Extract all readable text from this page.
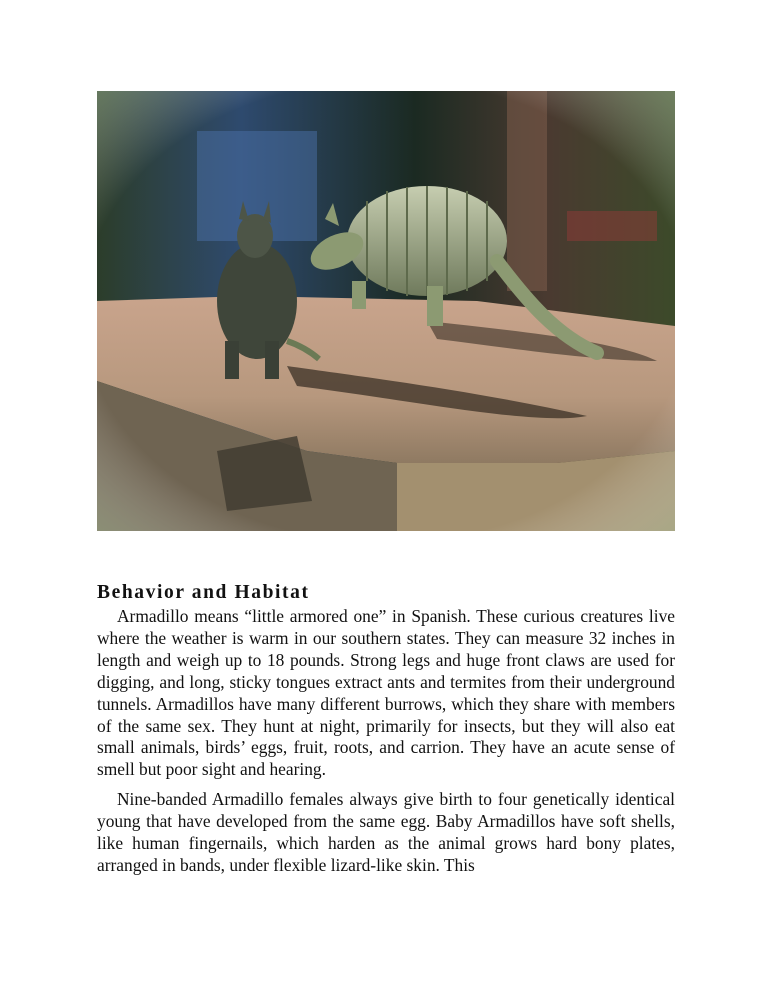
Behavior and Habitat

Armadillo means “little armored one” in Spanish. These curious creatures live where the weather is warm in our southern states. They can measure 32 inches in length and weigh up to 18 pounds. Strong legs and huge front claws are used for digging, and long, sticky tongues extract ants and termites from their underground tunnels. Armadillos have many different burrows, which they share with members of the same sex. They hunt at night, primarily for insects, but they will also eat small animals, birds’ eggs, fruit, roots, and carrion. They have an acute sense of smell but poor sight and hearing.

Nine-banded Armadillo females always give birth to four genetically identical young that have developed from the same egg. Baby Armadillos have soft shells, like human fingernails, which harden as the animal grows hard bony plates, arranged in bands, under flexible lizard-like skin. This
